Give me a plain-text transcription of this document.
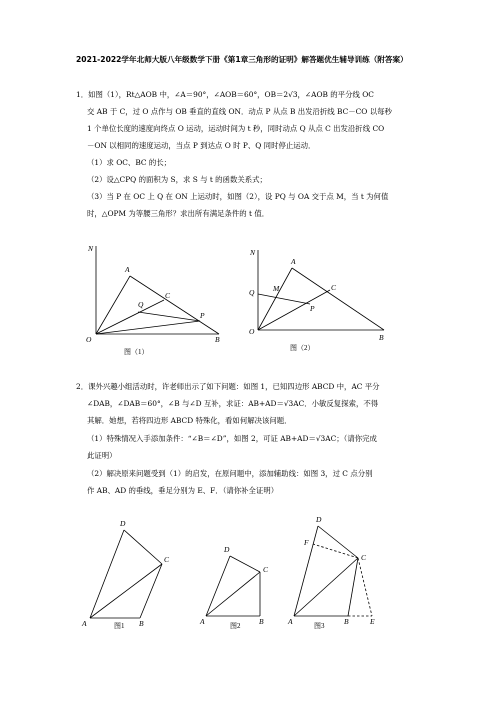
2021-2022学年北师大版八年级数学下册《第1章三角形的证明》解答题优生辅导训练（附答案）
1．如图（1），Rt△AOB 中，∠A＝90°，∠AOB＝60°，OB＝2√3，∠AOB 的平分线 OC
交 AB 于 C，过 O 点作与 OB 垂直的直线 ON．动点 P 从点 B 出发沿折线 BC－CO 以每秒
1 个单位长度的速度向终点 O 运动，运动时间为 t 秒，同时动点 Q 从点 C 出发沿折线 CO
－ON 以相同的速度运动，当点 P 到达点 O 时 P、Q 同时停止运动．
（1）求 OC、BC 的长；
（2）设△CPQ 的面积为 S，求 S 与 t 的函数关系式；
（3）当 P 在 OC 上 Q 在 ON 上运动时，如图（2），设 PQ 与 OA 交于点 M，当 t 为何值
时，△OPM 为等腰三角形？求出所有满足条件的 t 值．
N
A
C
Q
P
O	B
图（1）
N
A
M	C
Q
P
O
B
图（2）
2．课外兴趣小组活动时，许老师出示了如下问题：如图 1，已知四边形 ABCD 中，AC 平分
∠DAB，∠DAB＝60°，∠B 与∠D 互补，求证：AB+AD＝√3AC．小敏反复探索，不得
其解．她想，若将四边形 ABCD 特殊化，看如何解决该问题．
（1）特殊情况入手添加条件：“∠B＝∠D”，如图 2，可证 AB+AD＝√3AC；（请你完成
此证明）
（2）解决原来问题受到（1）的启发，在原问题中，添加辅助线：如图 3，过 C 点分别
作 AB、AD 的垂线，垂足分别为 E、F．（请你补全证明）
D
C
A	B
图1
D
C
A	B
图2
D
F
C
A	B	E
图3
